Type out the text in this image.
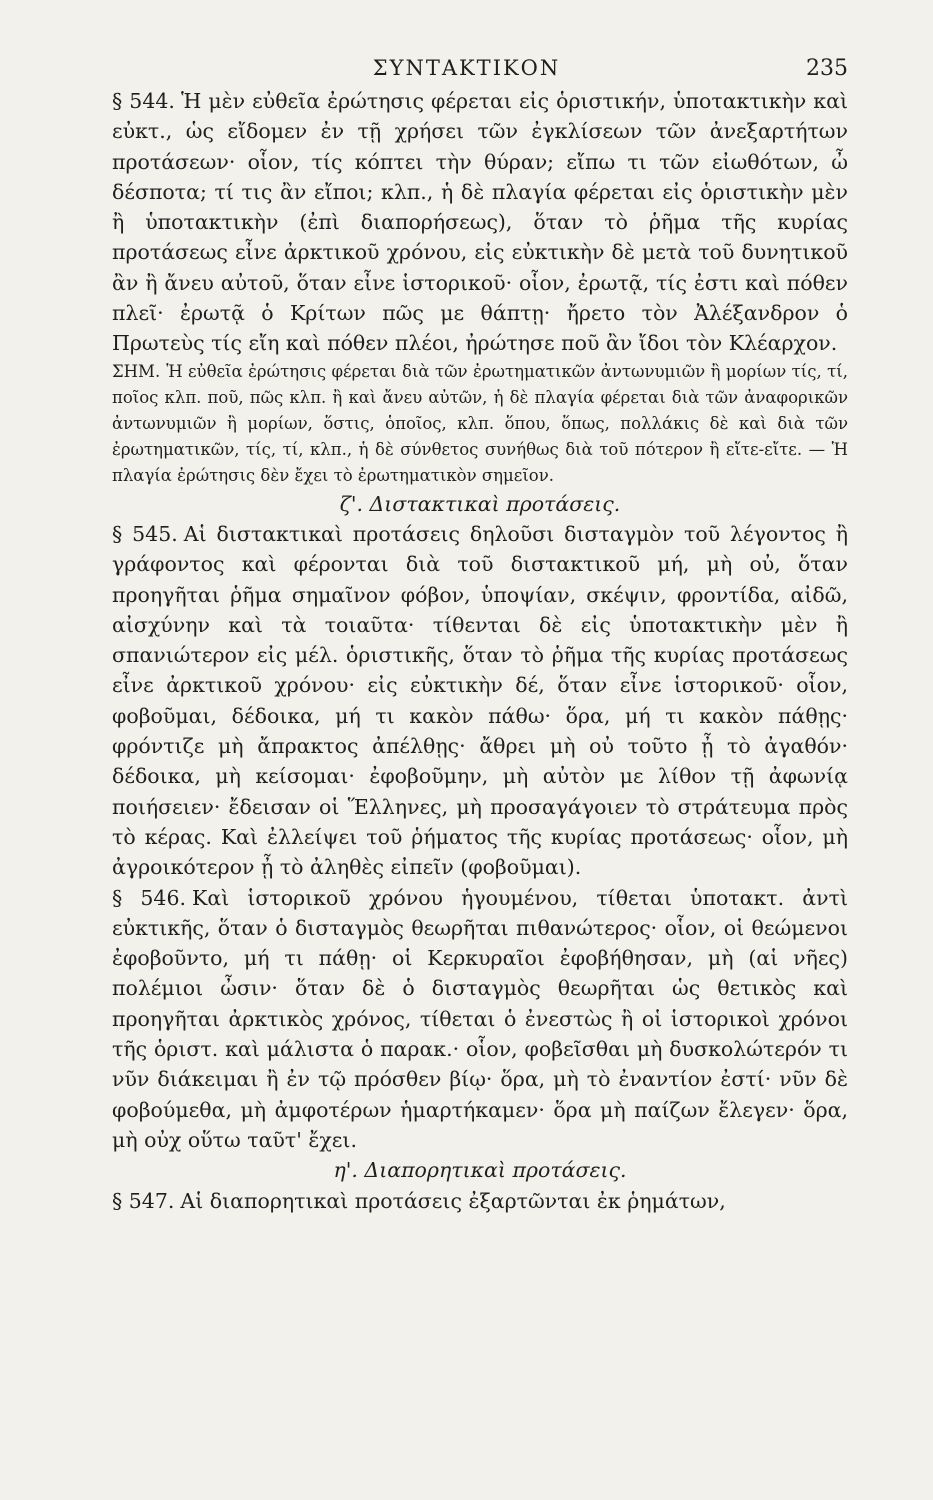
ΣΥΝΤΑΚΤΙΚΟΝ	235

§ 544. Ἡ μὲν εὐθεῖα ἐρώτησις φέρεται εἰς ὁριστικήν, ὑποτακτικὴν καὶ εὐκτ., ὡς εἴδομεν ἐν τῇ χρήσει τῶν ἐγκλίσεων τῶν ἀνεξαρτήτων προτάσεων· οἷον, τίς κόπτει τὴν θύραν; εἴπω τι τῶν εἰωθότων, ὦ δέσποτα; τί τις ἂν εἴποι; κλπ., ἡ δὲ πλαγία φέρεται εἰς ὁριστικὴν μὲν ἢ ὑποτακτικὴν (ἐπὶ διαπορήσεως), ὅταν τὸ ῥῆμα τῆς κυρίας προτάσεως εἶνε ἀρκτικοῦ χρόνου, εἰς εὐκτικὴν δὲ μετὰ τοῦ δυνητικοῦ ἂν ἢ ἄνευ αὐτοῦ, ὅταν εἶνε ἱστορικοῦ· οἷον, ἐρωτᾷ, τίς ἐστι καὶ πόθεν πλεῖ· ἐρωτᾷ ὁ Κρίτων πῶς με θάπτῃ· ἤρετο τὸν Ἀλέξανδρον ὁ Πρωτεὺς τίς εἴη καὶ πόθεν πλέοι, ἠρώτησε ποῦ ἂν ἴδοι τὸν Κλέαρχον.

ΣΗΜ. Ἡ εὐθεῖα ἐρώτησις φέρεται διὰ τῶν ἐρωτηματικῶν ἀντωνυμιῶν ἢ μορίων τίς, τί, ποῖος κλπ. ποῦ, πῶς κλπ. ἢ καὶ ἄνευ αὐτῶν, ἡ δὲ πλαγία φέρεται διὰ τῶν ἀναφορικῶν ἀντωνυμιῶν ἢ μορίων, ὅστις, ὁποῖος, κλπ. ὅπου, ὅπως, πολλάκις δὲ καὶ διὰ τῶν ἐρωτηματικῶν, τίς, τί, κλπ., ἡ δὲ σύνθετος συνήθως διὰ τοῦ πότερον ἢ εἴτε-εἴτε. — Ἡ πλαγία ἐρώτησις δὲν ἔχει τὸ ἐρωτηματικὸν σημεῖον.

ζ'. Διστακτικαὶ προτάσεις.

§ 545. Αἱ διστακτικαὶ προτάσεις δηλοῦσι δισταγμὸν τοῦ λέγοντος ἢ γράφοντος καὶ φέρονται διὰ τοῦ διστακτικοῦ μή, μὴ οὐ, ὅταν προηγῆται ῥῆμα σημαῖνον φόβον, ὑποψίαν, σκέψιν, φροντίδα, αἰδῶ, αἰσχύνην καὶ τὰ τοιαῦτα· τίθενται δὲ εἰς ὑποτακτικὴν μὲν ἢ σπανιώτερον εἰς μέλ. ὁριστικῆς, ὅταν τὸ ῥῆμα τῆς κυρίας προτάσεως εἶνε ἀρκτικοῦ χρόνου· εἰς εὐκτικὴν δέ, ὅταν εἶνε ἱστορικοῦ· οἷον, φοβοῦμαι, δέδοικα, μή τι κακὸν πάθω· ὅρα, μή τι κακὸν πάθῃς· φρόντιζε μὴ ἄπρακτος ἀπέλθῃς· ἄθρει μὴ οὐ τοῦτο ᾖ τὸ ἀγαθόν· δέδοικα, μὴ κείσομαι· ἐφοβοῦμην, μὴ αὐτὸν με λίθον τῇ ἀφωνίᾳ ποιήσειεν· ἔδεισαν οἱ Ἕλληνες, μὴ προσαγάγοιεν τὸ στράτευμα πρὸς τὸ κέρας. Καὶ ἐλλείψει τοῦ ῥήματος τῆς κυρίας προτάσεως· οἷον, μὴ ἀγροικότερον ᾖ τὸ ἀληθὲς εἰπεῖν (φοβοῦμαι).

§ 546. Καὶ ἱστορικοῦ χρόνου ἡγουμένου, τίθεται ὑποτακτ. ἀντὶ εὐκτικῆς, ὅταν ὁ δισταγμὸς θεωρῆται πιθανώτερος· οἷον, οἱ θεώμενοι ἐφοβοῦντο, μή τι πάθῃ· οἱ Κερκυραῖοι ἐφοβήθησαν, μὴ (αἱ νῆες) πολέμιοι ὦσιν· ὅταν δὲ ὁ δισταγμὸς θεωρῆται ὡς θετικὸς καὶ προηγῆται ἀρκτικὸς χρόνος, τίθεται ὁ ἐνεστὼς ἢ οἱ ἱστορικοὶ χρόνοι τῆς ὁριστ. καὶ μάλιστα ὁ παρακ.· οἷον, φοβεῖσθαι μὴ δυσκολώτερόν τι νῦν διάκειμαι ἢ ἐν τῷ πρόσθεν βίῳ· ὅρα, μὴ τὸ ἐναντίον ἐστί· νῦν δὲ φοβούμεθα, μὴ ἀμφοτέρων ἡμαρτήκαμεν· ὅρα μὴ παίζων ἔλεγεν· ὅρα, μὴ οὐχ οὕτω ταῦτ' ἔχει.

η'. Διαπορητικαὶ προτάσεις.

§ 547. Αἱ διαπορητικαὶ προτάσεις ἐξαρτῶνται ἐκ ῥημάτων,
